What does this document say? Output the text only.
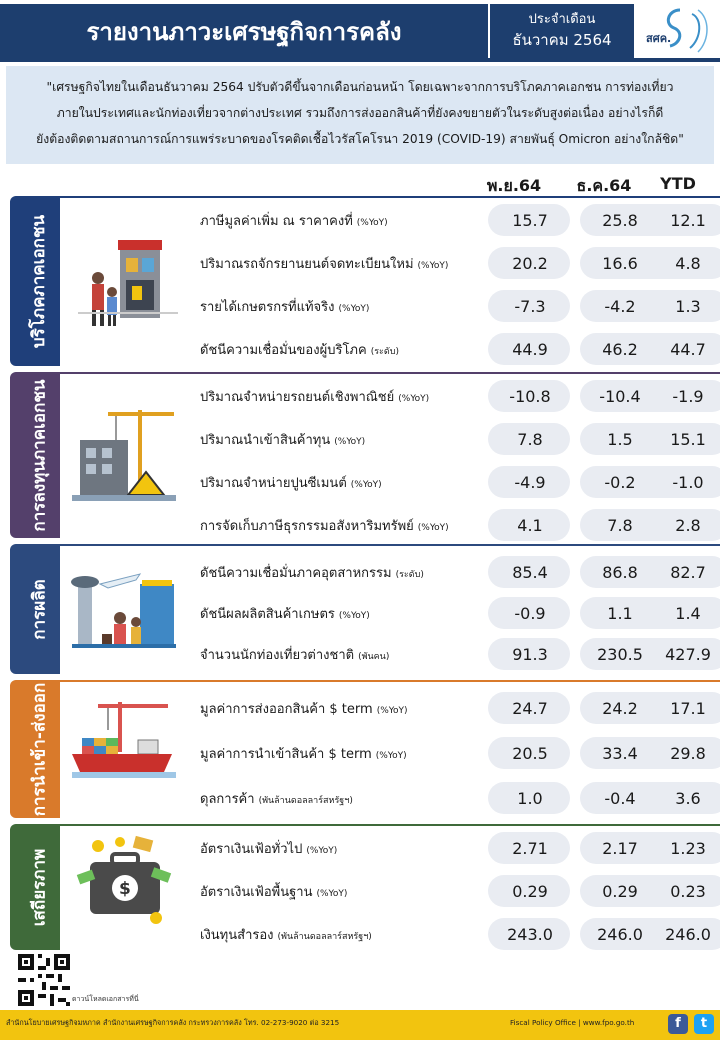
รายงานภาวะเศรษฐกิจการคลัง	ประจำเดือน
ธันวาคม 2564	สศค.
"เศรษฐกิจไทยในเดือนธันวาคม 2564 ปรับตัวดีขึ้นจากเดือนก่อนหน้า โดยเฉพาะจากการบริโภคภาคเอกชน การท่องเที่ยว
ภายในประเทศและนักท่องเที่ยวจากต่างประเทศ รวมถึงการส่งออกสินค้าที่ยังคงขยายตัวในระดับสูงต่อเนื่อง อย่างไรก็ดี
ยังต้องติดตามสถานการณ์การแพร่ระบาดของโรคติดเชื้อไวรัสโคโรนา 2019 (COVID-19) สายพันธุ์ Omicron อย่างใกล้ชิด"
พ.ย.64	ธ.ค.64	YTD
บริโภคภาคเอกชน	ภาษีมูลค่าเพิ่ม ณ ราคาคงที่ (%YoY)	15.7	25.8	12.1
ปริมาณรถจักรยานยนต์จดทะเบียนใหม่ (%YoY)	20.2	16.6	4.8
รายได้เกษตรกรที่แท้จริง (%YoY)	-7.3	-4.2	1.3
ดัชนีความเชื่อมั่นของผู้บริโภค (ระดับ)	44.9	46.2	44.7
การลงทุนภาคเอกชน	ปริมาณจำหน่ายรถยนต์เชิงพาณิชย์ (%YoY)	-10.8	-10.4	-1.9
ปริมาณนำเข้าสินค้าทุน (%YoY)	7.8	1.5	15.1
ปริมาณจำหน่ายปูนซีเมนต์ (%YoY)	-4.9	-0.2	-1.0
การจัดเก็บภาษีธุรกรรมอสังหาริมทรัพย์ (%YoY)	4.1	7.8	2.8
การผลิต
ดัชนีความเชื่อมั่นภาคอุตสาหกรรม (ระดับ)	85.4	86.8	82.7
ดัชนีผลผลิตสินค้าเกษตร (%YoY)	-0.9	1.1	1.4
จำนวนนักท่องเที่ยวต่างชาติ (พันคน)	91.3	230.5	427.9
การนำเข้า-ส่งออก	มูลค่าการส่งออกสินค้า $ term (%YoY)	24.7	24.2	17.1
มูลค่าการนำเข้าสินค้า $ term (%YoY)	20.5	33.4	29.8
ดุลการค้า (พันล้านดอลลาร์สหรัฐฯ)	1.0	-0.4	3.6
เสถียรภาพ	$
อัตราเงินเฟ้อทั่วไป (%YoY)	2.71	2.17	1.23
อัตราเงินเฟ้อพื้นฐาน (%YoY)	0.29	0.29	0.23
เงินทุนสำรอง (พันล้านดอลลาร์สหรัฐฯ)	243.0	246.0	246.0
ดาวน์โหลดเอกสารที่นี่
สำนักนโยบายเศรษฐกิจมหภาค สำนักงานเศรษฐกิจการคลัง กระทรวงการคลัง โทร. 02-273-9020 ต่อ 3215	Fiscal Policy Office | www.fpo.go.th	f	t
